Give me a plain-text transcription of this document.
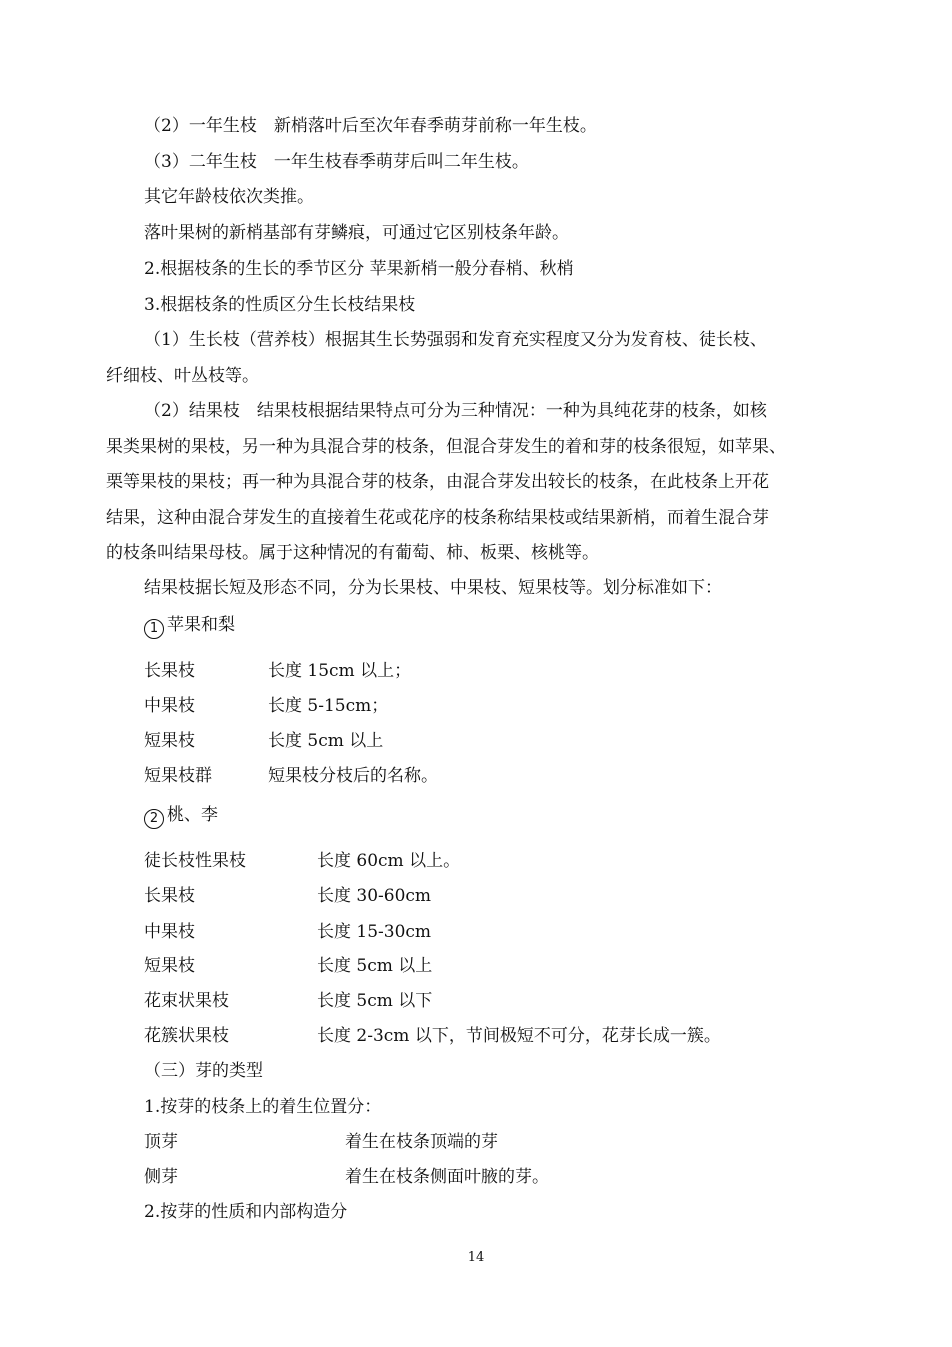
（2）一年生枝　新梢落叶后至次年春季萌芽前称一年生枝。
（3）二年生枝　一年生枝春季萌芽后叫二年生枝。
其它年龄枝依次类推。
落叶果树的新梢基部有芽鳞痕，可通过它区别枝条年龄。
2.根据枝条的生长的季节区分 苹果新梢一般分春梢、秋梢
3.根据枝条的性质区分生长枝结果枝
（1）生长枝（营养枝）根据其生长势强弱和发育充实程度又分为发育枝、徒长枝、
纤细枝、叶丛枝等。
（2）结果枝　结果枝根据结果特点可分为三种情况：一种为具纯花芽的枝条，如核
果类果树的果枝，另一种为具混合芽的枝条，但混合芽发生的着和芽的枝条很短，如苹果、
栗等果枝的果枝；再一种为具混合芽的枝条，由混合芽发出较长的枝条，在此枝条上开花
结果，这种由混合芽发生的直接着生花或花序的枝条称结果枝或结果新梢，而着生混合芽
的枝条叫结果母枝。属于这种情况的有葡萄、柿、板栗、核桃等。
结果枝据长短及形态不同，分为长果枝、中果枝、短果枝等。划分标准如下：
1 苹果和梨
长果枝	长度 15cm 以上；
中果枝	长度 5-15cm；
短果枝	长度 5cm 以上
短果枝群	短果枝分枝后的名称。
2 桃、李
徒长枝性果枝	长度 60cm 以上。
长果枝	长度 30-60cm
中果枝	长度 15-30cm
短果枝	长度 5cm 以上
花束状果枝	长度 5cm 以下
花簇状果枝	长度 2-3cm 以下，节间极短不可分，花芽长成一簇。
（三）芽的类型
1.按芽的枝条上的着生位置分：
顶芽	着生在枝条顶端的芽
侧芽	着生在枝条侧面叶腋的芽。
2.按芽的性质和内部构造分
14
